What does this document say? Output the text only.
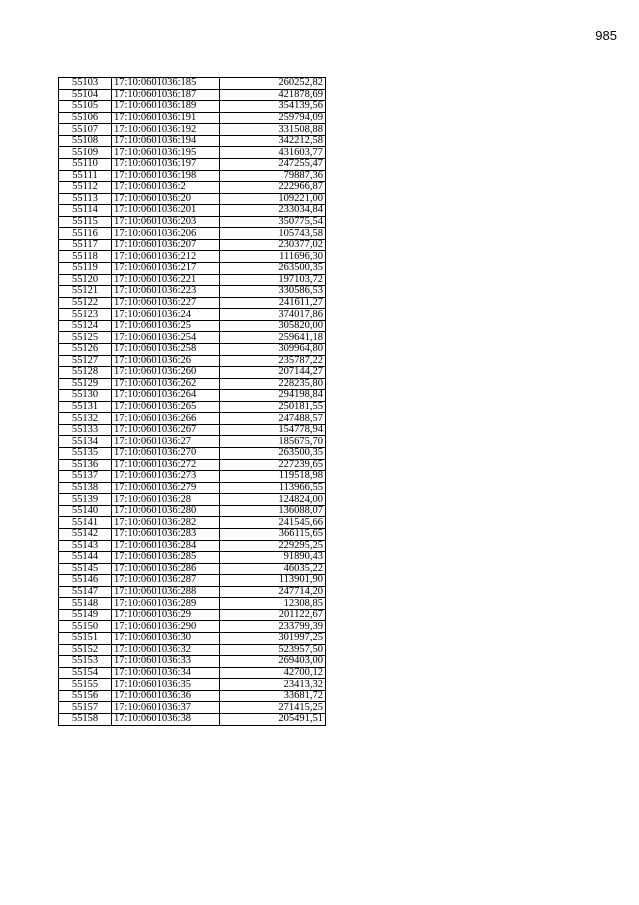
985
55103	17:10:0601036:185	260252,82
55104	17:10:0601036:187	421878,69
55105	17:10:0601036:189	354139,56
55106	17:10:0601036:191	259794,09
55107	17:10:0601036:192	331508,88
55108	17:10:0601036:194	342212,58
55109	17:10:0601036:195	431603,77
55110	17:10:0601036:197	247255,47
55111	17:10:0601036:198	79887,36
55112	17:10:0601036:2	222966,87
55113	17:10:0601036:20	109221,00
55114	17:10:0601036:201	233034,84
55115	17:10:0601036:203	350775,54
55116	17:10:0601036:206	105743,58
55117	17:10:0601036:207	230377,02
55118	17:10:0601036:212	111696,30
55119	17:10:0601036:217	263500,35
55120	17:10:0601036:221	197103,72
55121	17:10:0601036:223	330586,53
55122	17:10:0601036:227	241611,27
55123	17:10:0601036:24	374017,86
55124	17:10:0601036:25	305820,00
55125	17:10:0601036:254	259641,18
55126	17:10:0601036:258	309964,80
55127	17:10:0601036:26	235787,22
55128	17:10:0601036:260	207144,27
55129	17:10:0601036:262	228235,80
55130	17:10:0601036:264	294198,84
55131	17:10:0601036:265	250181,55
55132	17:10:0601036:266	247488,57
55133	17:10:0601036:267	154778,94
55134	17:10:0601036:27	185675,70
55135	17:10:0601036:270	263500,35
55136	17:10:0601036:272	227239,65
55137	17:10:0601036:273	119518,98
55138	17:10:0601036:279	113966,55
55139	17:10:0601036:28	124824,00
55140	17:10:0601036:280	136088,07
55141	17:10:0601036:282	241545,66
55142	17:10:0601036:283	366115,65
55143	17:10:0601036:284	229295,25
55144	17:10:0601036:285	91890,43
55145	17:10:0601036:286	46035,22
55146	17:10:0601036:287	113901,90
55147	17:10:0601036:288	247714,20
55148	17:10:0601036:289	12308,85
55149	17:10:0601036:29	201122,67
55150	17:10:0601036:290	233799,39
55151	17:10:0601036:30	301997,25
55152	17:10:0601036:32	523957,50
55153	17:10:0601036:33	269403,00
55154	17:10:0601036:34	42700,12
55155	17:10:0601036:35	23413,32
55156	17:10:0601036:36	33681,72
55157	17:10:0601036:37	271415,25
55158	17:10:0601036:38	205491,51
